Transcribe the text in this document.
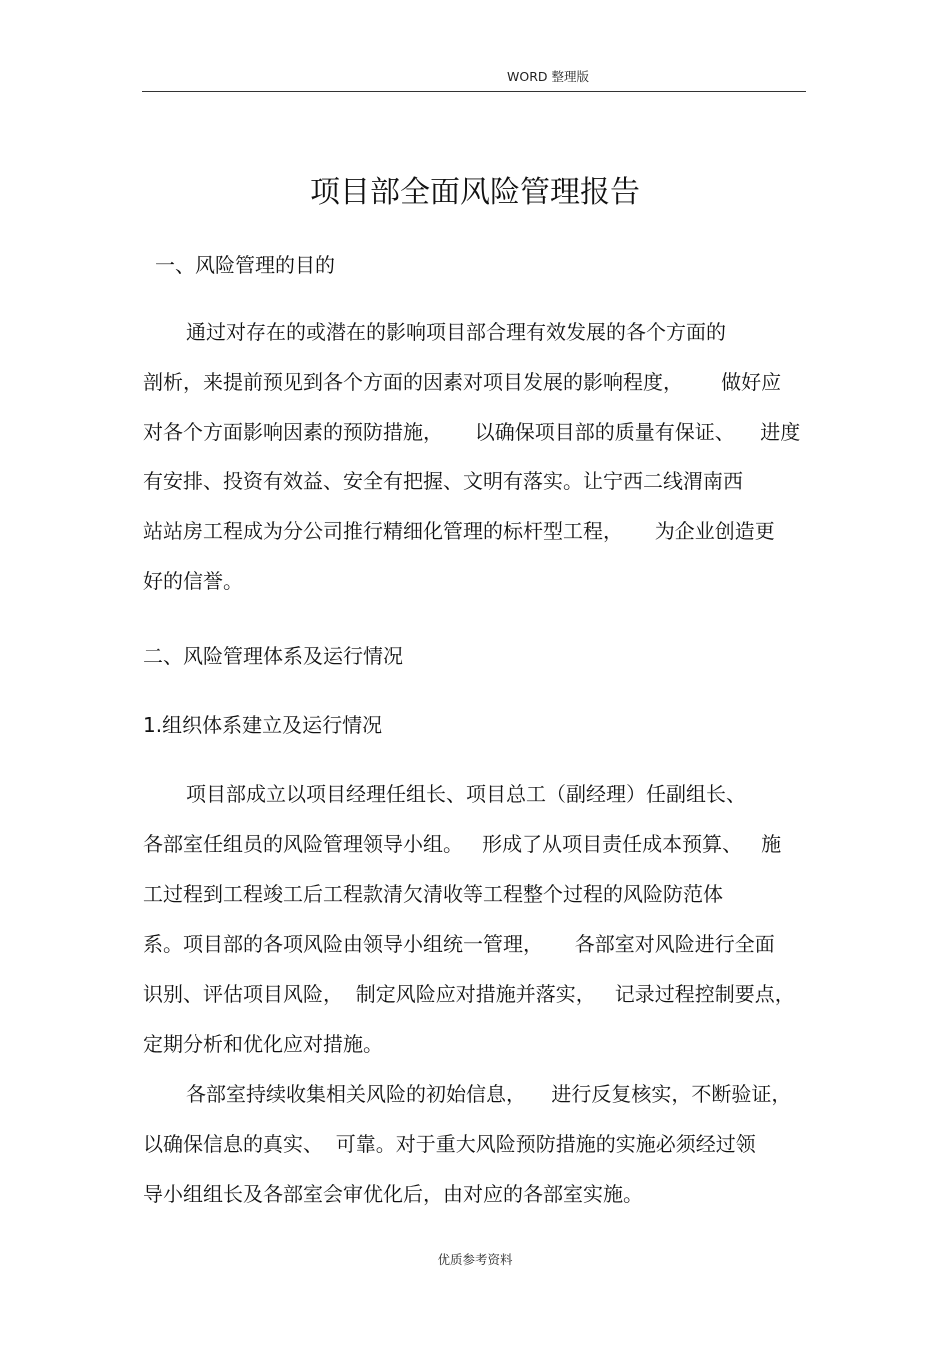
WORD 整理版
项目部全面风险管理报告
一、风险管理的目的
通过对存在的或潜在的影响项目部合理有效发展的各个方面的
剖析，来提前预见到各个方面的因素对项目发展的影响程度，      做好应
对各个方面影响因素的预防措施，     以确保项目部的质量有保证、    进度
有安排、投资有效益、安全有把握、文明有落实。让宁西二线渭南西
站站房工程成为分公司推行精细化管理的标杆型工程，     为企业创造更
好的信誉。
二、风险管理体系及运行情况
1.组织体系建立及运行情况
项目部成立以项目经理任组长、项目总工（副经理）任副组长、
各部室任组员的风险管理领导小组。   形成了从项目责任成本预算、   施
工过程到工程竣工后工程款清欠清收等工程整个过程的风险防范体
系。项目部的各项风险由领导小组统一管理，     各部室对风险进行全面
识别、评估项目风险，  制定风险应对措施并落实，   记录过程控制要点，
定期分析和优化应对措施。
各部室持续收集相关风险的初始信息，    进行反复核实，不断验证，
以确保信息的真实、  可靠。对于重大风险预防措施的实施必须经过领
导小组组长及各部室会审优化后，由对应的各部室实施。
优质参考资料
